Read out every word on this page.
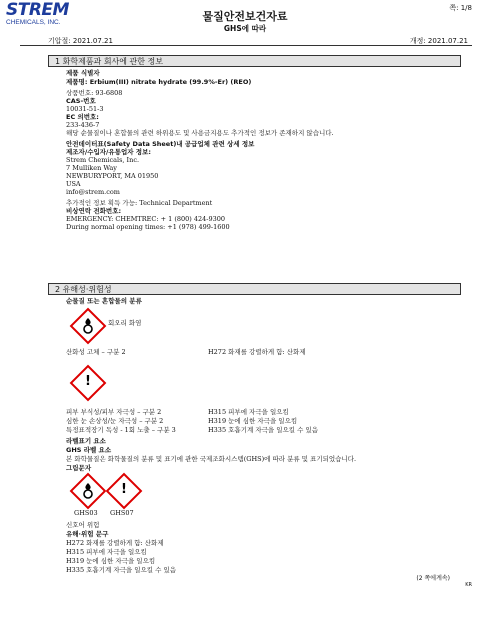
STREM
CHEMICALS, INC.	물질안전보건자료
GHS에 따라
쪽: 1/8
기압절: 2021.07.21	개정: 2021.07.21
1 화학제품과 회사에 관한 정보
제품 식별자
제품명: Erbium(III) nitrate hydrate (99.9%-Er) (REO)
상품번호: 93-6808
CAS-번호
10031-51-3
EC 의번호:
233-436-7
해당 순물질이나 혼합물의 관련 하위용도 및 사용금지용도 추가적인 정보가 존재하지 않습니다.
안전데이터표(Safety Data Sheet)내 공급업체 관련 상세 정보
제조자/수입자/유통업자 정보:
Strem Chemicals, Inc.
7 Mulliken Way
NEWBURYPORT, MA 01950
USA
info@strem.com
추가적인 정보 획득 가능: Technical Department
비상연락 전화번호:
EMERGENCY: CHEMTREC: + 1 (800) 424-9300
During normal opening times: +1 (978) 499-1600
2 유해성·위험성
순물질 또는 혼합물의 분류
회오리 화염
산화성 고체 – 구분 2	H272 화재를 강렬하게 함: 산화제
!
피부 부식성/피부 자극성 – 구분 2	H315 피부에 자극을 일으킴
심한 눈 손상성/눈 자극성 – 구분 2	H319 눈에 심한 자극을 일으킴
특정표적장기 독성 - 1회 노출 – 구분 3	H335 호흡기계 자극을 일으킬 수 있음
라벨표기 요소
GHS 라벨 요소
본 화학물질은 화학물질의 분류 및 표기에 관한 국제조화시스템(GHS)에 따라 분류 및 표기되었습니다.
그림문자
!
GHS03 GHS07
신호어 위험
유해·위험 문구
H272 화재를 강렬하게 함: 산화제
H315 피부에 자극을 일으킴
H319 눈에 심한 자극을 일으킴
H335 호흡기계 자극을 일으킬 수 있음
(2 쪽에계속)
KR
